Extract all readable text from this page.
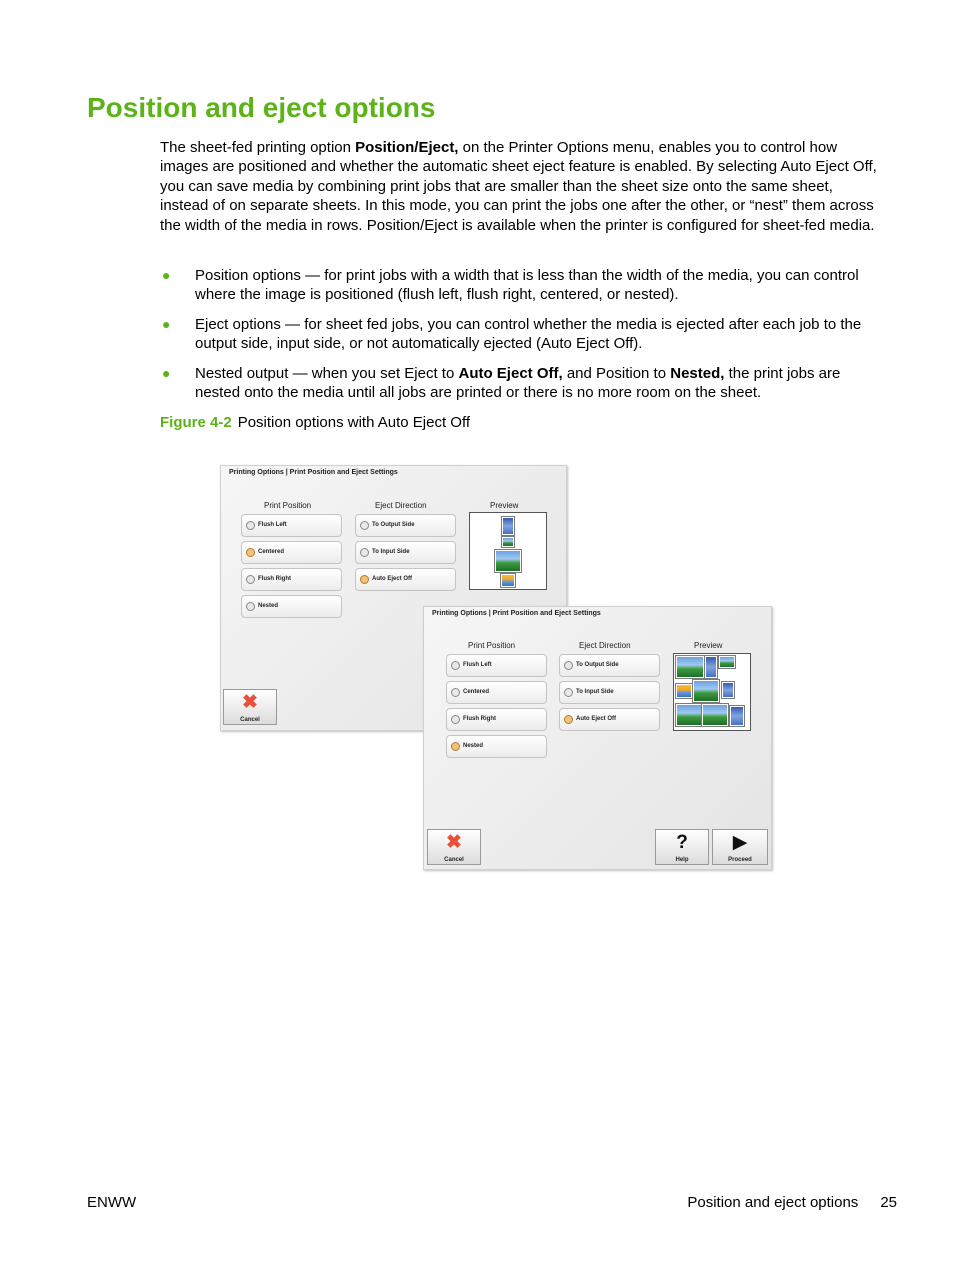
Position and eject options

The sheet-fed printing option Position/Eject, on the Printer Options menu, enables you to control how images are positioned and whether the automatic sheet eject feature is enabled. By selecting Auto Eject Off, you can save media by combining print jobs that are smaller than the sheet size onto the same sheet, instead of on separate sheets. In this mode, you can print the jobs one after the other, or “nest” them across the width of the media in rows. Position/Eject is available when the printer is configured for sheet-fed media.

● Position options — for print jobs with a width that is less than the width of the media, you can control where the image is positioned (flush left, flush right, centered, or nested).
● Eject options — for sheet fed jobs, you can control whether the media is ejected after each job to the output side, input side, or not automatically ejected (Auto Eject Off).
● Nested output — when you set Eject to Auto Eject Off, and Position to Nested, the print jobs are nested onto the media until all jobs are printed or there is no more room on the sheet.
Figure 4-2 Position options with Auto Eject Off
Printing Options | Print Position and Eject Settings
Print Position	Eject Direction	Preview
Flush Left
Centered
Flush Right
Nested
To Output Side
To Input Side
Auto Eject Off
✖
Cancel
Printing Options | Print Position and Eject Settings
Print Position	Eject Direction	Preview
Flush Left
Centered
Flush Right
Nested
To Output Side
To Input Side
Auto Eject Off
✖
Cancel
?
Help
▶
Proceed
ENWW	Position and eject options 25
